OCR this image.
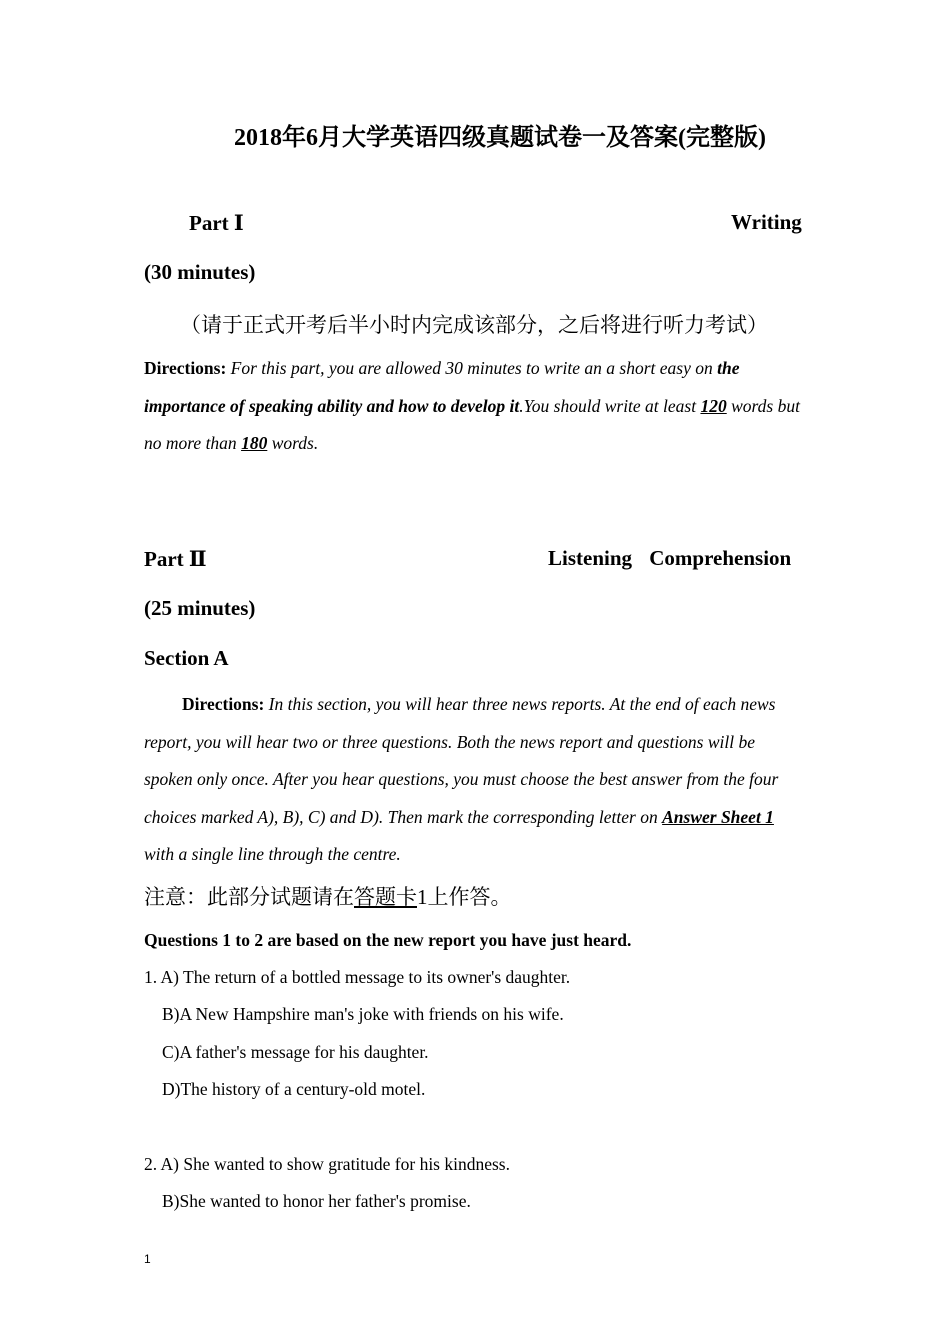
2018年6月大学英语四级真题试卷一及答案(完整版)
Part Ⅰ	Writing
(30 minutes)
（请于正式开考后半小时内完成该部分，之后将进行听力考试）
Directions: For this part, you are allowed 30 minutes to write an a short easy on the importance of speaking ability and how to develop it.You should write at least 120 words but no more than 180 words.
Part Ⅱ	Listening Comprehension
(25 minutes)
Section A
Directions: In this section, you will hear three news reports. At the end of each news report, you will hear two or three questions. Both the news report and questions will be spoken only once. After you hear questions, you must choose the best answer from the four choices marked A), B), C) and D). Then mark the corresponding letter on Answer Sheet 1 with a single line through the centre.
注意：此部分试题请在答题卡1上作答。
Questions 1 to 2 are based on the new report you have just heard.
1. A) The return of a bottled message to its owner's daughter.
B)A New Hampshire man's joke with friends on his wife.
C)A father's message for his daughter.
D)The history of a century-old motel.
2. A) She wanted to show gratitude for his kindness.
B)She wanted to honor her father's promise.
1
